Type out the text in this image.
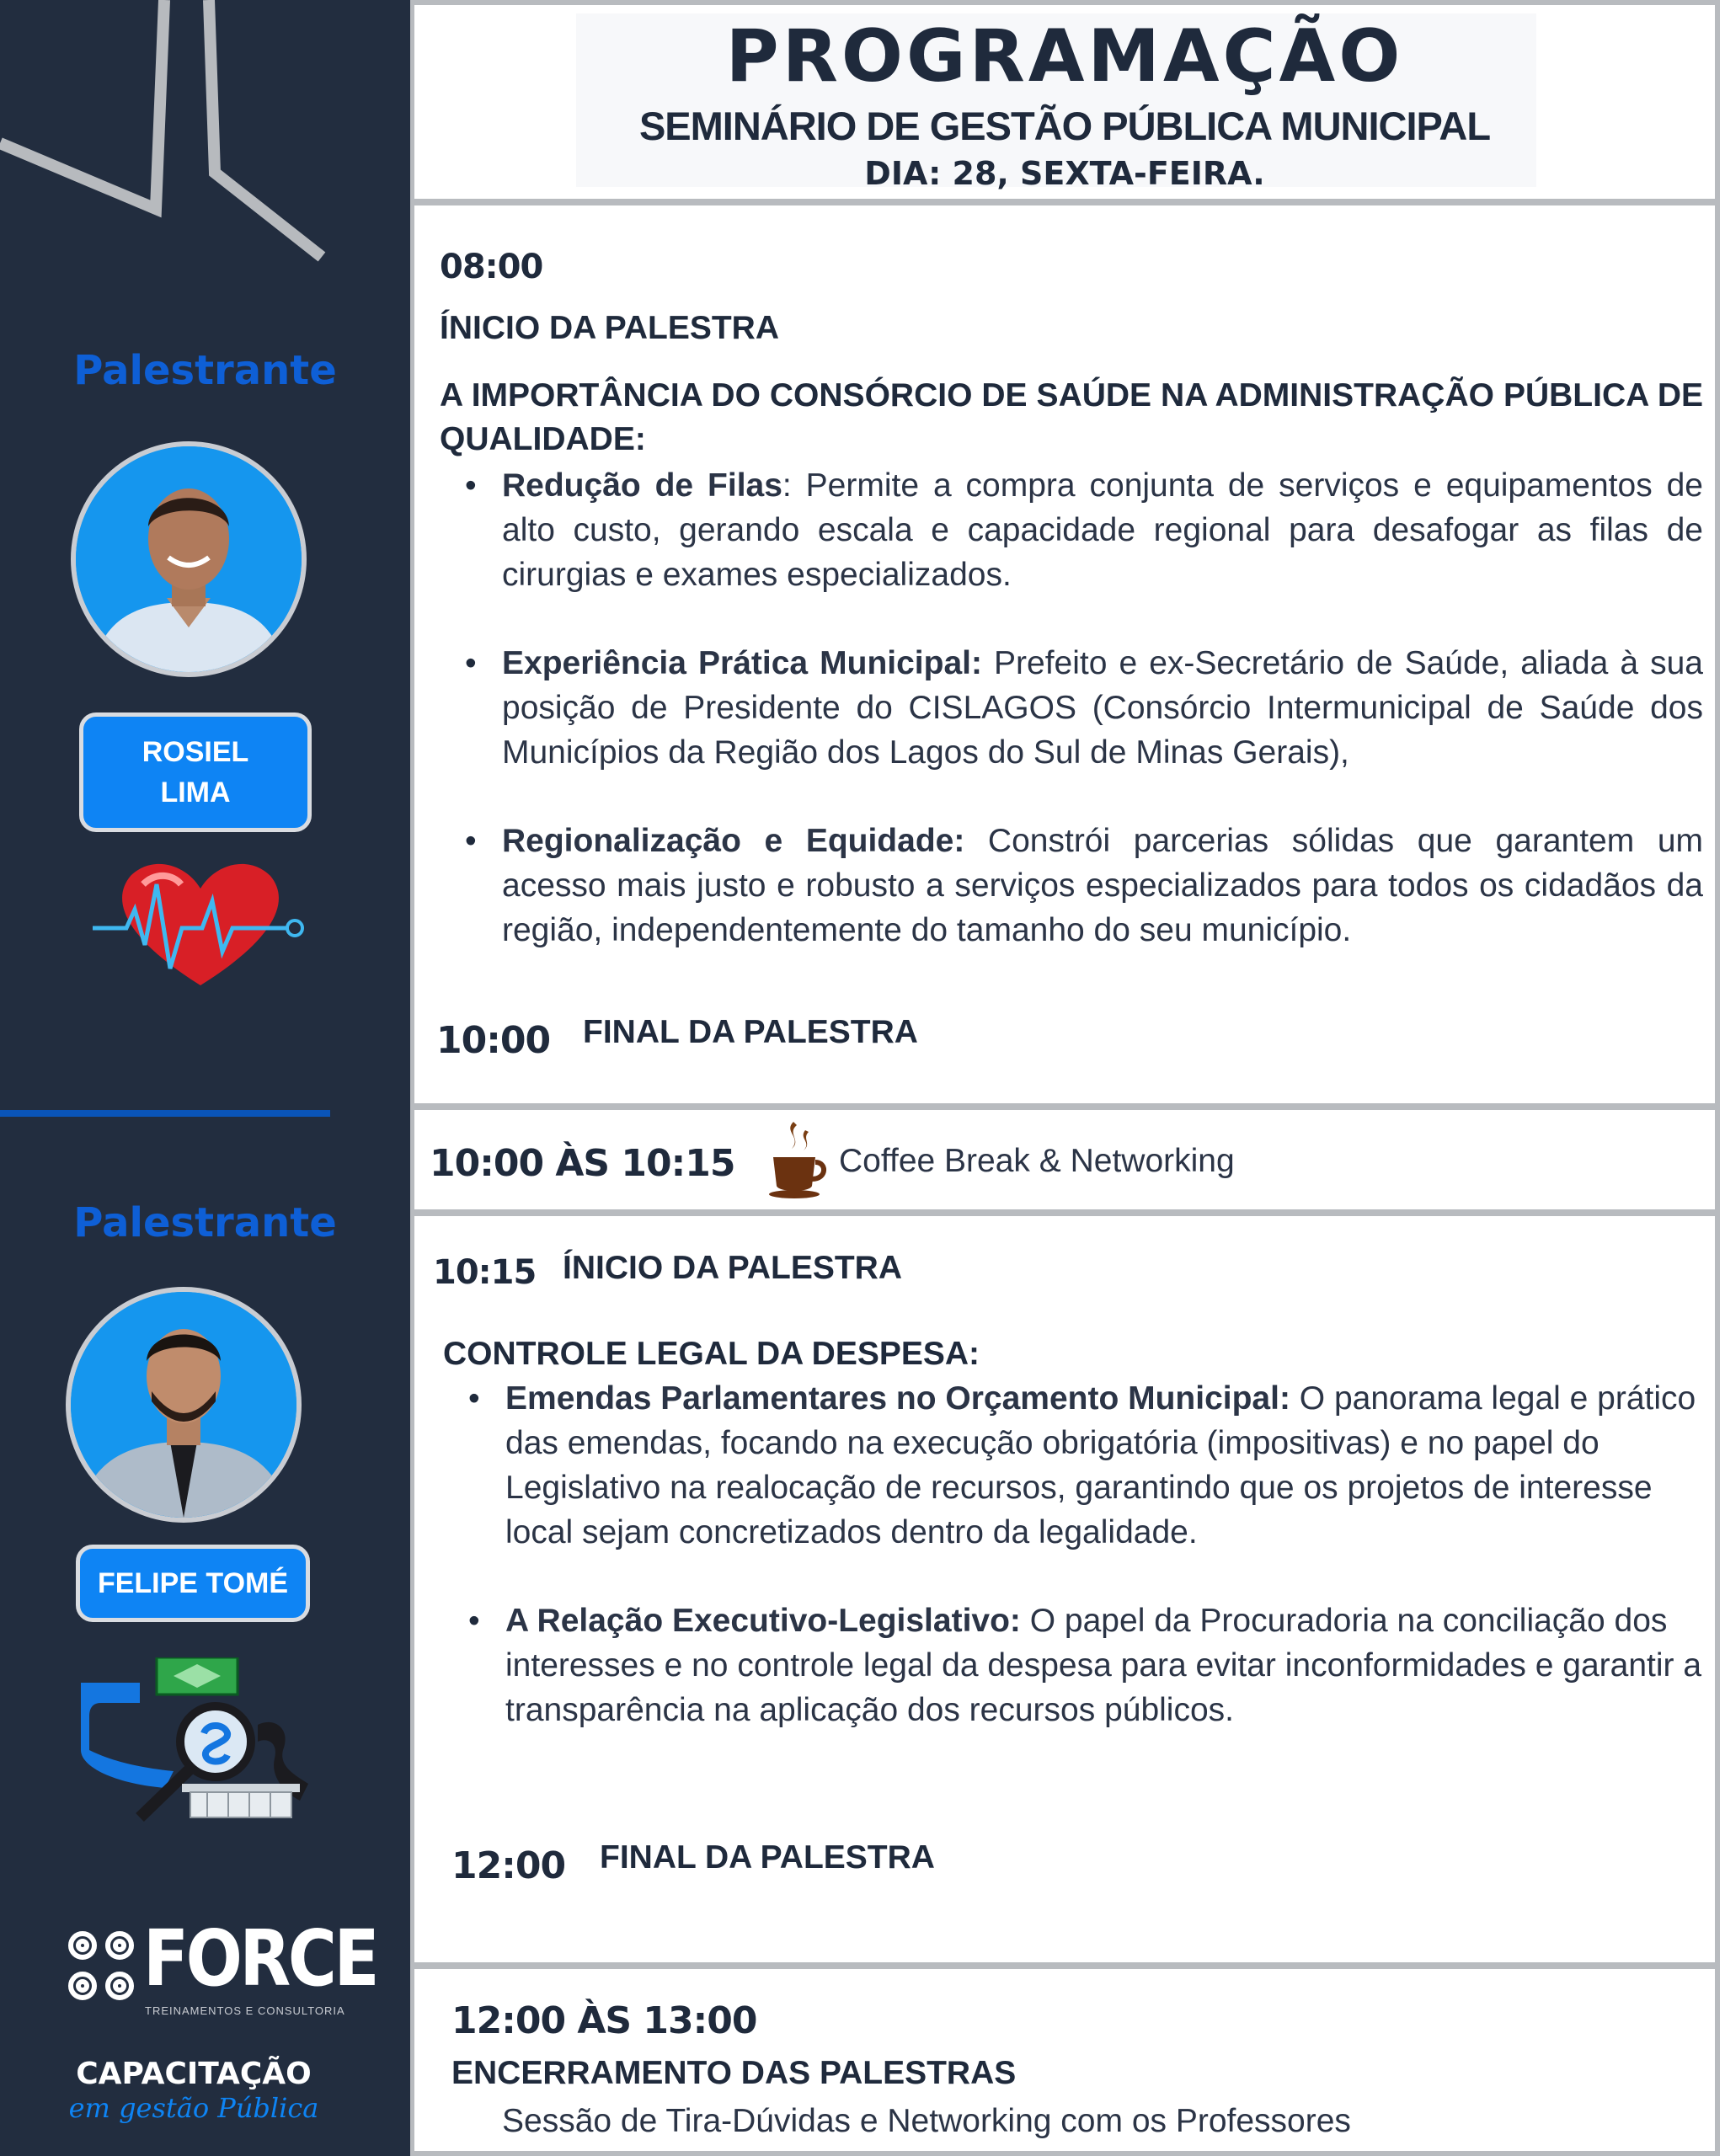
Palestrante
ROSIEL
LIMA
Palestrante
FELIPE TOMÉ
FORCE
TREINAMENTOS E CONSULTORIA
CAPACITAÇÃO
em gestão Pública
PROGRAMAÇÃO
SEMINÁRIO DE GESTÃO PÚBLICA MUNICIPAL
DIA: 28, SEXTA-FEIRA.
08:00
ÍNICIO DA PALESTRA
A IMPORTÂNCIA DO CONSÓRCIO DE SAÚDE NA ADMINISTRAÇÃO PÚBLICA DE QUALIDADE:
• Redução de Filas: Permite a compra conjunta de serviços e equipamentos de alto custo, gerando escala e capacidade regional para desafogar as filas de cirurgias e exames especializados.
• Experiência Prática Municipal: Prefeito e ex-Secretário de Saúde, aliada à sua posição de Presidente do CISLAGOS (Consórcio Intermunicipal de Saúde dos Municípios da Região dos Lagos do Sul de Minas Gerais),
• Regionalização e Equidade: Constrói parcerias sólidas que garantem um acesso mais justo e robusto a serviços especializados para todos os cidadãos da região, independentemente do tamanho do seu município.
10:00 FINAL DA PALESTRA
10:00 ÀS 10:15	Coffee Break & Networking
10:15 ÍNICIO DA PALESTRA
CONTROLE LEGAL DA DESPESA:
• Emendas Parlamentares no Orçamento Municipal: O panorama legal e prático das emendas, focando na execução obrigatória (impositivas) e no papel do Legislativo na realocação de recursos, garantindo que os projetos de interesse local sejam concretizados dentro da legalidade.
• A Relação Executivo-Legislativo: O papel da Procuradoria na conciliação dos interesses e no controle legal da despesa para evitar inconformidades e garantir a transparência na aplicação dos recursos públicos.
12:00 FINAL DA PALESTRA
12:00 ÀS 13:00
ENCERRAMENTO DAS PALESTRAS
Sessão de Tira-Dúvidas e Networking com os Professores
